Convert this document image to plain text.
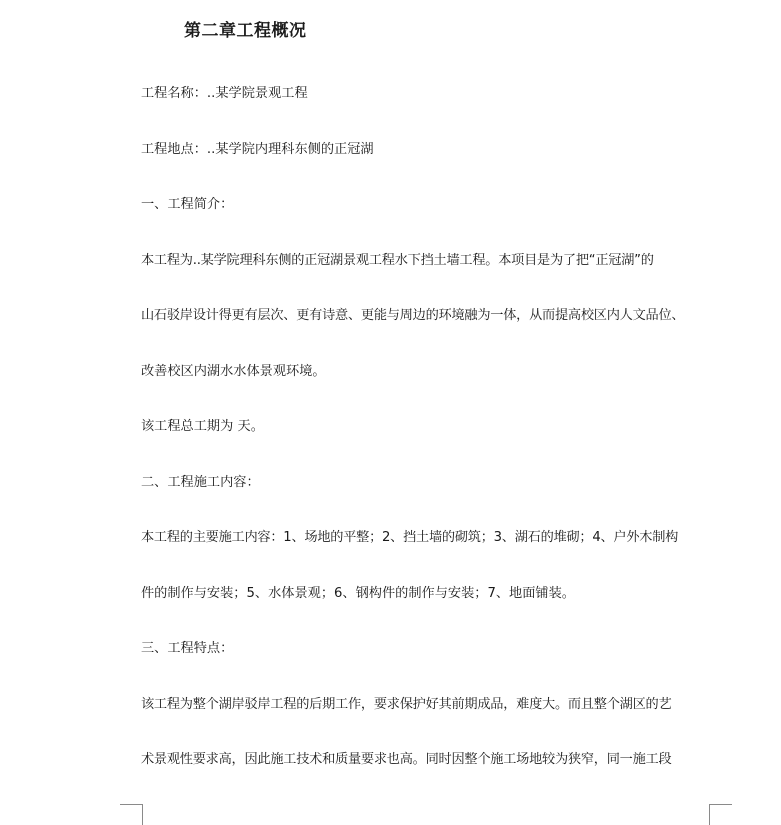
第二章工程概况
工程名称：..某学院景观工程
工程地点：..某学院内理科东侧的正冠湖
一、工程简介：
本工程为..某学院理科东侧的正冠湖景观工程水下挡土墙工程。本项目是为了把“正冠湖”的
山石驳岸设计得更有层次、更有诗意、更能与周边的环境融为一体，从而提高校区内人文品位、
改善校区内湖水水体景观环境。
该工程总工期为 天。
二、工程施工内容：
本工程的主要施工内容：1、场地的平整；2、挡土墙的砌筑；3、湖石的堆砌；4、户外木制构
件的制作与安装；5、水体景观；6、钢构件的制作与安装；7、地面铺装。
三、工程特点：
该工程为整个湖岸驳岸工程的后期工作，要求保护好其前期成品，难度大。而且整个湖区的艺
术景观性要求高，因此施工技术和质量要求也高。同时因整个施工场地较为狭窄，同一施工段
